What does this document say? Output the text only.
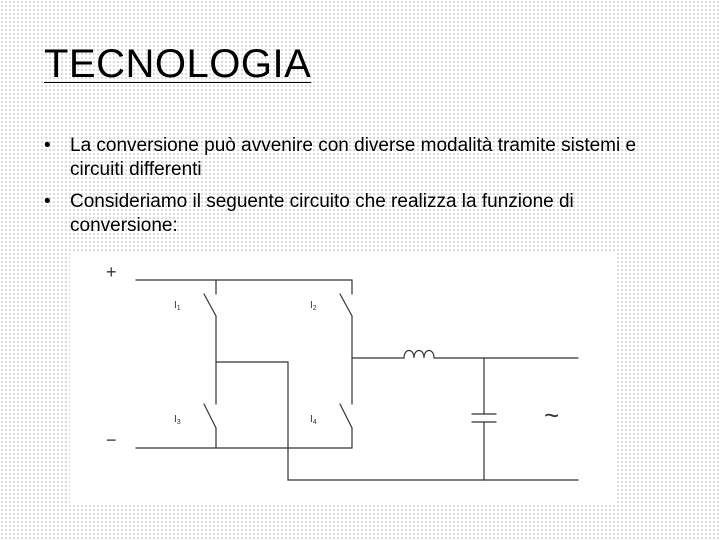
TECNOLOGIA
• La conversione può avvenire con diverse modalità tramite sistemi e circuiti differenti
• Consideriamo il seguente circuito che realizza la funzione di conversione:
+
−
$I_1$	$I_2$
$I_3$	$I_4$	~
